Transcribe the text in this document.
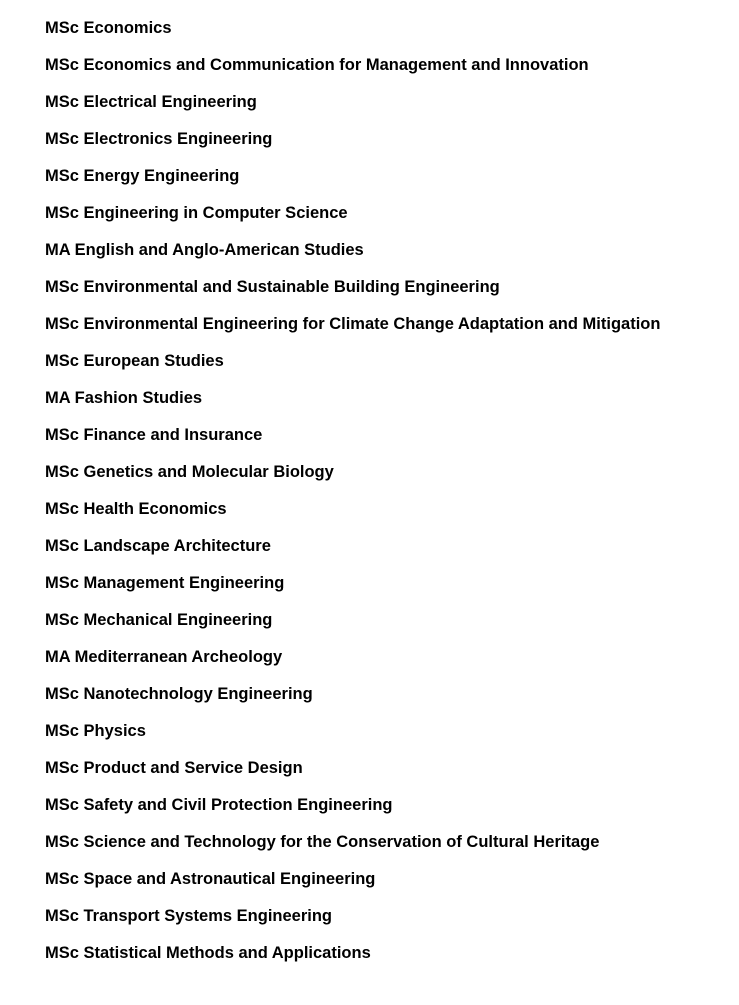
MSc Economics
MSc Economics and Communication for Management and Innovation
MSc Electrical Engineering
MSc Electronics Engineering
MSc Energy Engineering
MSc Engineering in Computer Science
MA English and Anglo-American Studies
MSc Environmental and Sustainable Building Engineering
MSc Environmental Engineering for Climate Change Adaptation and Mitigation
MSc European Studies
MA Fashion Studies
MSc Finance and Insurance
MSc Genetics and Molecular Biology
MSc Health Economics
MSc Landscape Architecture
MSc Management Engineering
MSc Mechanical Engineering
MA Mediterranean Archeology
MSc Nanotechnology Engineering
MSc Physics
MSc Product and Service Design
MSc Safety and Civil Protection Engineering
MSc Science and Technology for the Conservation of Cultural Heritage
MSc Space and Astronautical Engineering
MSc Transport Systems Engineering
MSc Statistical Methods and Applications
